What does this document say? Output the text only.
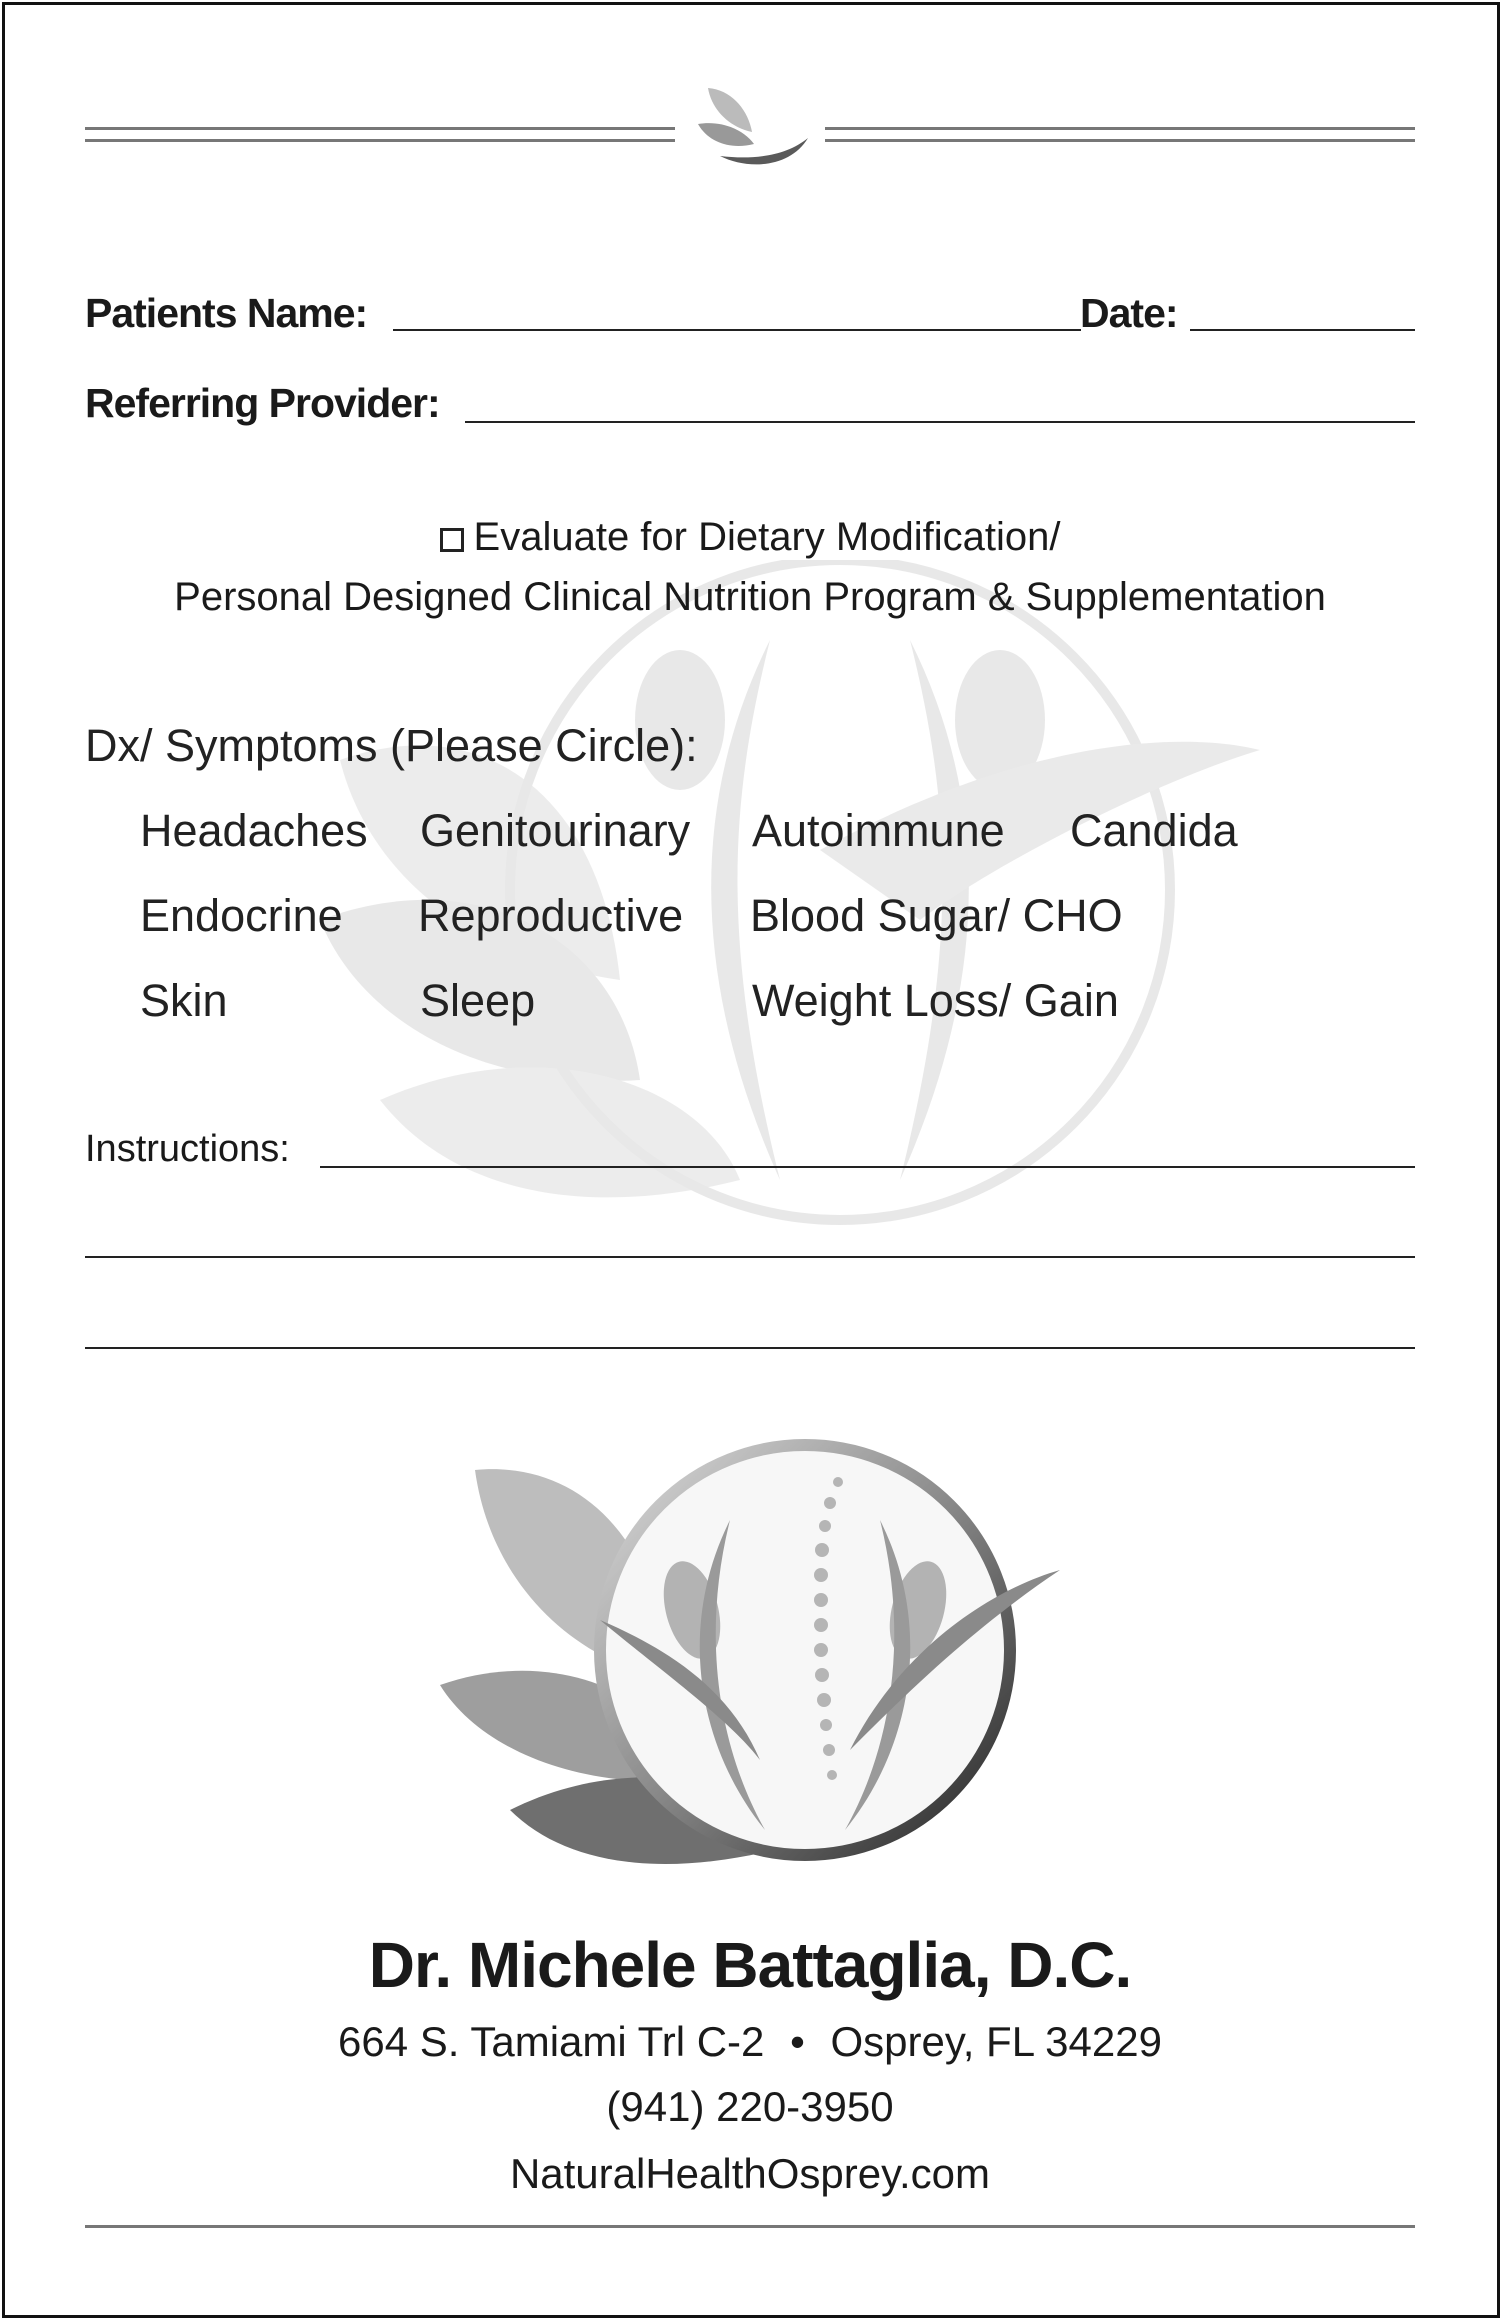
Patients Name:	Date:
Referring Provider:
Evaluate for Dietary Modification/
Personal Designed Clinical Nutrition Program & Supplementation
Dx/ Symptoms (Please Circle):
Headaches Genitourinary Autoimmune Candida
Endocrine Reproductive Blood Sugar/ CHO
Skin	Sleep	Weight Loss/ Gain
Instructions:
Dr. Michele Battaglia, D.C.
664 S. Tamiami Trl C-2 • Osprey, FL 34229
(941) 220-3950
NaturalHealthOsprey.com
